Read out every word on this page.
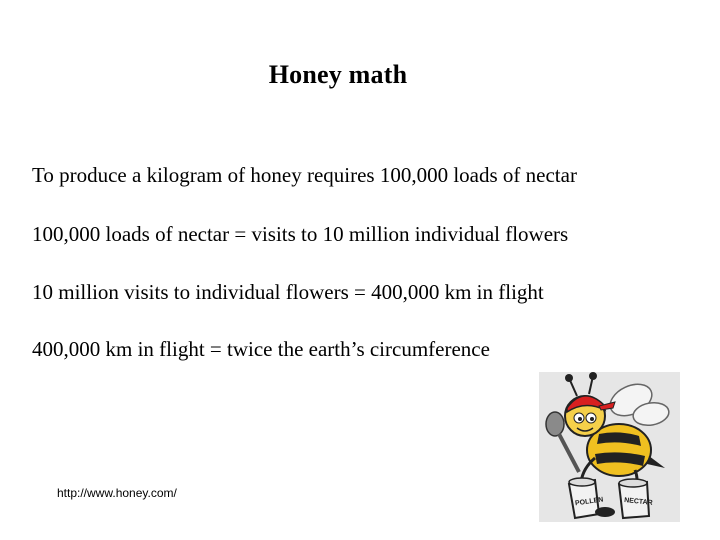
Honey math
To produce a kilogram of honey requires 100,000 loads of nectar
100,000 loads of nectar = visits to 10 million individual flowers
10 million visits to individual flowers = 400,000 km in flight
400,000 km in flight = twice the earth’s circumference
http://www.honey.com/
POLLEN	NECTAR
